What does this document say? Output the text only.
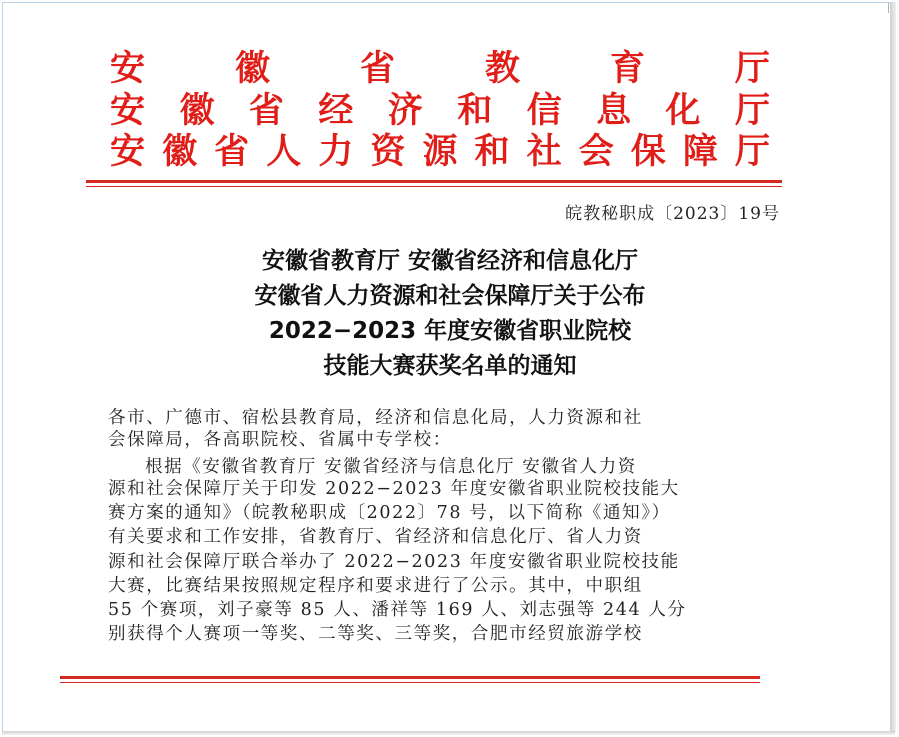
安	徽	省	教	育	厅
安 徽 省 经 济 和 信 息 化 厅
安 徽 省 人 力 资 源 和 社 会 保 障 厅
皖教秘职成〔2023〕19号
安徽省教育厅 安徽省经济和信息化厅
安徽省人力资源和社会保障厅关于公布
2022−2023 年度安徽省职业院校
技能大赛获奖名单的通知
各市、广德市、宿松县教育局，经济和信息化局，人力资源和社
会保障局，各高职院校、省属中专学校：
根据《安徽省教育厅 安徽省经济与信息化厅 安徽省人力资
源和社会保障厅关于印发 2022−2023 年度安徽省职业院校技能大
赛方案的通知》（皖教秘职成〔2022〕78 号，以下简称《通知》）
有关要求和工作安排，省教育厅、省经济和信息化厅、省人力资
源和社会保障厅联合举办了 2022−2023 年度安徽省职业院校技能
大赛，比赛结果按照规定程序和要求进行了公示。其中，中职组
55 个赛项，刘子豪等 85 人、潘祥等 169 人、刘志强等 244 人分
别获得个人赛项一等奖、二等奖、三等奖，合肥市经贸旅游学校
